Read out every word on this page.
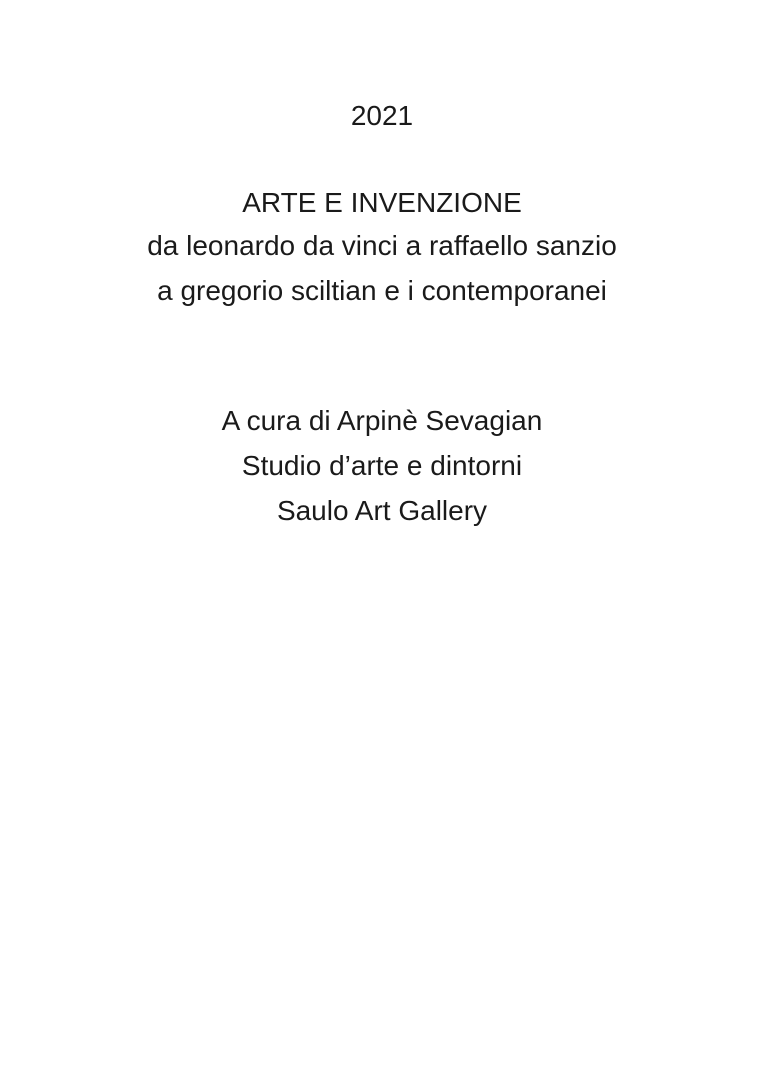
2021
ARTE E INVENZIONE
da leonardo da vinci a raffaello sanzio
a gregorio sciltian e i contemporanei
A cura di Arpinè Sevagian
Studio d’arte e dintorni
Saulo Art Gallery
